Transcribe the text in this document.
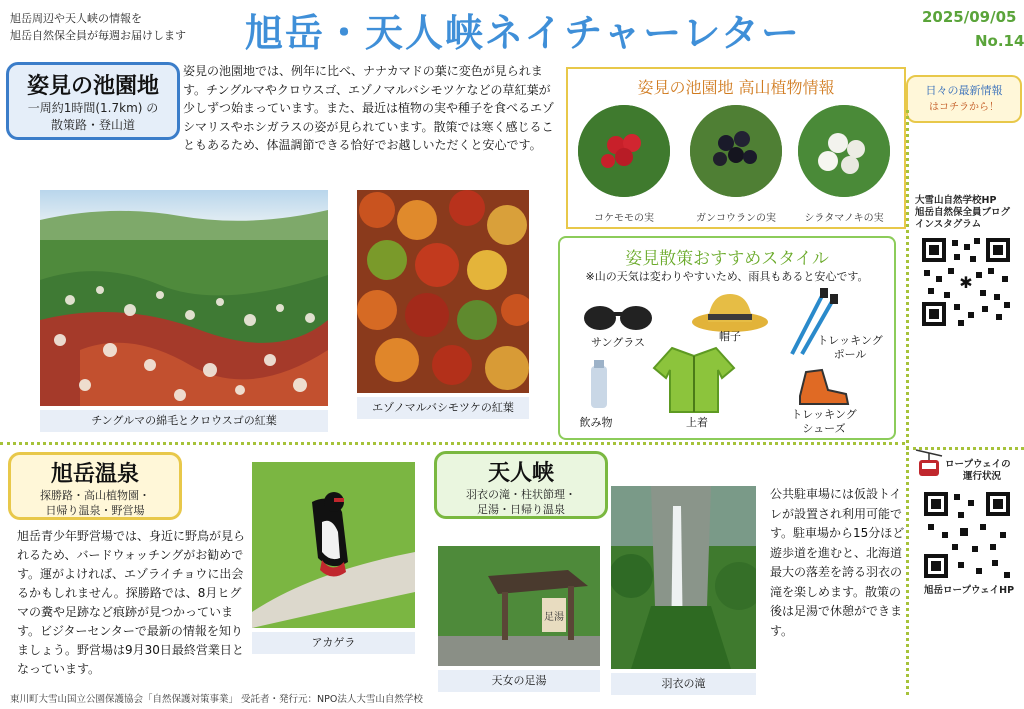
旭岳周辺や天人峡の情報を
旭岳自然保全員が毎週お届けします 旭岳・天人峡ネイチャーレター	2025/09/05
No.14
姿見の池園地
一周約1時間(1.7km) の
散策路・登山道
姿見の池園地では、例年に比べ、ナナカマドの葉に変色が見られます。チングルマやクロウスゴ、エゾノマルバシモツケなどの草紅葉が少しずつ始まっています。また、最近は植物の実や種子を食べるエゾシマリスやホシガラスの姿が見られています。散策では寒く感じることもあるため、体温調節できる恰好でお越しいただくと安心です。
チングルマの綿毛とクロウスゴの紅葉
エゾノマルバシモツケの紅葉
姿見の池園地 高山植物情報
コケモモの実	ガンコウランの実	シラタマノキの実
日々の最新情報
はコチラから！
大雪山自然学校HP
旭岳自然保全員ブログ
インスタグラム
✱
姿見散策おすすめスタイル
※山の天気は変わりやすいため、雨具もあると安心です。
サングラス	帽子	トレッキング
ポール
飲み物	上着
トレッキング
シューズ
ロープウェイの
運行状況
旭岳ロープウェイHP
旭岳温泉
探勝路・高山植物園・
日帰り温泉・野営場
旭岳青少年野営場では、身近に野鳥が見られるため、バードウォッチングがお勧めです。運がよければ、エゾライチョウに出会るかもしれません。探勝路では、8月ヒグマの糞や足跡など痕跡が見つかっています。ビジターセンターで最新の情報を知りましょう。野営場は9月30日最終営業日となっています。
アカゲラ
天人峡
羽衣の滝・柱状節理・
足湯・日帰り温泉
足湯
天女の足湯	羽衣の滝
公共駐車場には仮設トイレが設置され利用可能です。駐車場から15分ほど遊歩道を進むと、北海道最大の落差を誇る羽衣の滝を楽しめます。散策の後は足湯で休憩ができます。
東川町大雪山国立公園保護協会「自然保護対策事業」 受託者・発行元：NPO法人大雪山自然学校
